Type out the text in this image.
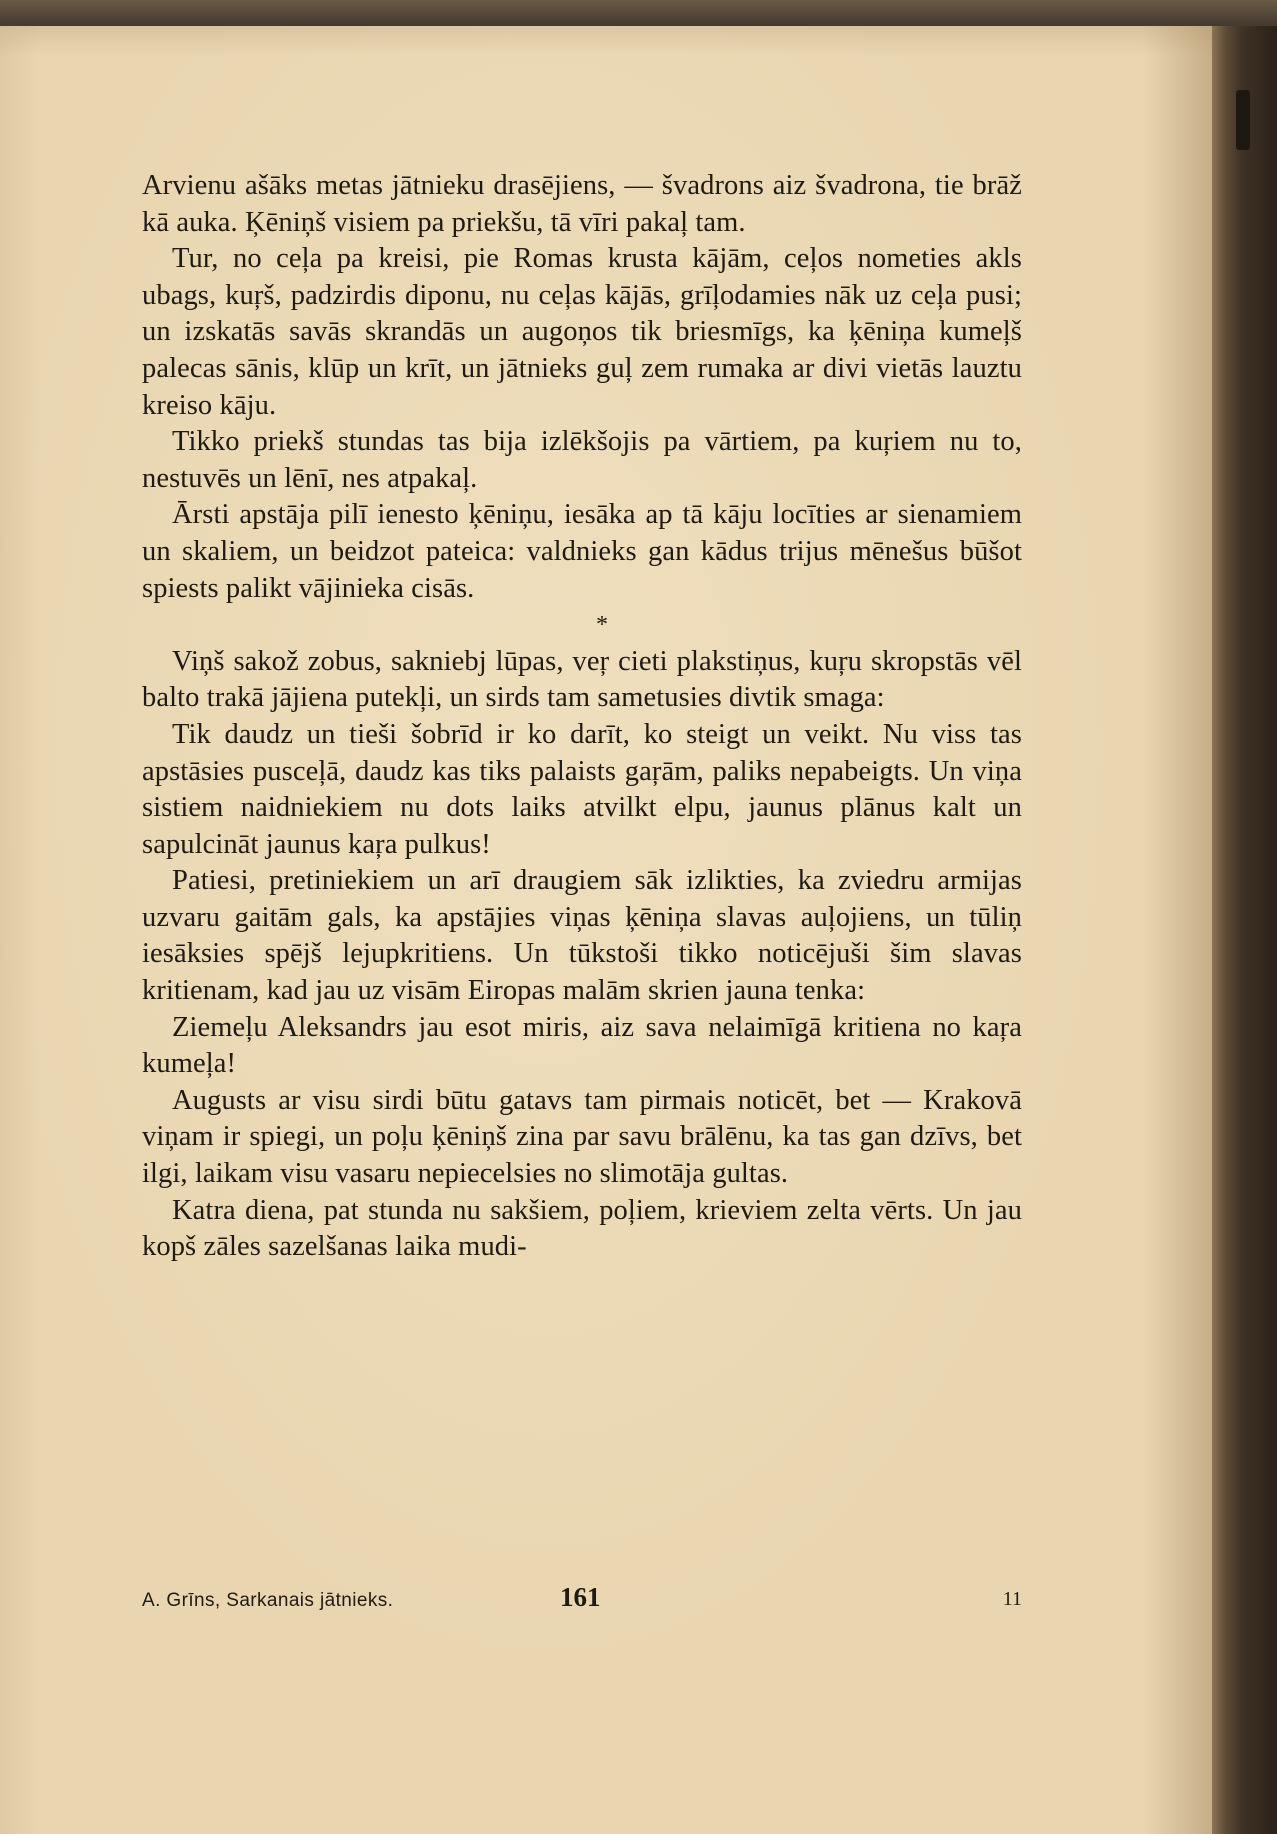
Arvienu ašāks metas jātnieku drasējiens, — švadrons aiz švadrona, tie brāž kā auka. Ķēniņš visiem pa priekšu, tā vīri pakaļ tam.

Tur, no ceļa pa kreisi, pie Romas krusta kājām, ceļos nometies akls ubags, kuŗš, padzirdis diponu, nu ceļas kājās, grīļodamies nāk uz ceļa pusi; un izskatās savās skrandās un augoņos tik briesmīgs, ka ķēniņa kumeļš palecas sānis, klūp un krīt, un jātnieks guļ zem rumaka ar divi vietās lauztu kreiso kāju.

Tikko priekš stundas tas bija izlēkšojis pa vārtiem, pa kuŗiem nu to, nestuvēs un lēnī, nes atpakaļ.

Ārsti apstāja pilī ienesto ķēniņu, iesāka ap tā kāju locīties ar sienamiem un skaliem, un beidzot pateica: valdnieks gan kādus trijus mēnešus būšot spiests palikt vājinieka cisās.

*

Viņš sakož zobus, sakniebj lūpas, veŗ cieti plakstiņus, kuŗu skropstās vēl balto trakā jājiena putekļi, un sirds tam sametusies divtik smaga:

Tik daudz un tieši šobrīd ir ko darīt, ko steigt un veikt. Nu viss tas apstāsies pusceļā, daudz kas tiks palaists gaŗām, paliks nepabeigts. Un viņa sistiem naidniekiem nu dots laiks atvilkt elpu, jaunus plānus kalt un sapulcināt jaunus kaŗa pulkus!

Patiesi, pretiniekiem un arī draugiem sāk izlikties, ka zviedru armijas uzvaru gaitām gals, ka apstājies viņas ķēniņa slavas auļojiens, un tūliņ iesāksies spējš lejupkritiens. Un tūkstoši tikko noticējuši šim slavas kritienam, kad jau uz visām Eiropas malām skrien jauna tenka:

Ziemeļu Aleksandrs jau esot miris, aiz sava nelaimīgā kritiena no kaŗa kumeļa!

Augusts ar visu sirdi būtu gatavs tam pirmais noticēt, bet — Krakovā viņam ir spiegi, un poļu ķēniņš zina par savu brālēnu, ka tas gan dzīvs, bet ilgi, laikam visu vasaru nepiecelsies no slimotāja gultas.

Katra diena, pat stunda nu sakšiem, poļiem, krieviem zelta vērts. Un jau kopš zāles sazelšanas laika mudi-

A. Grīns, Sarkanais jātnieks.	161	11
